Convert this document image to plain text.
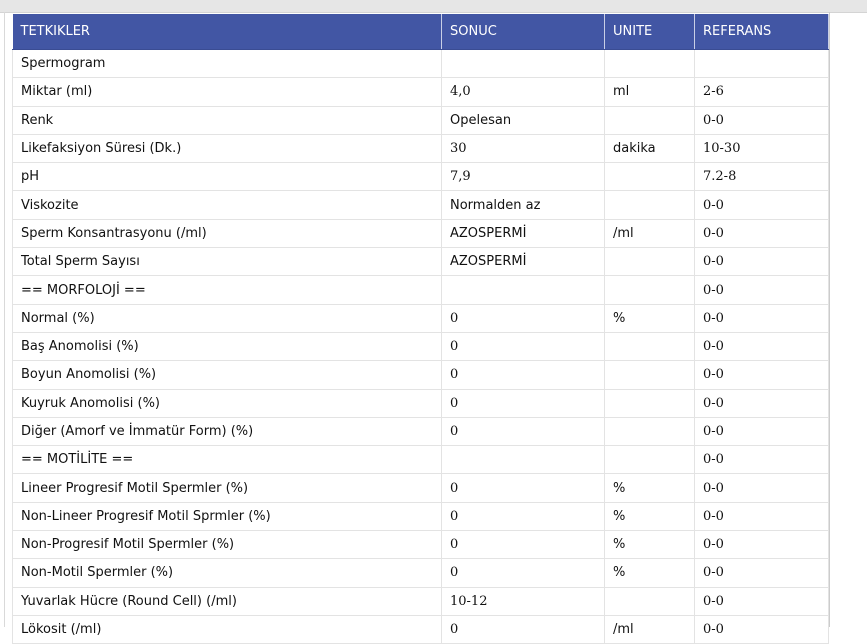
TETKIKLER	SONUC	UNITE	REFERANS
Spermogram			
Miktar (ml)	4,0	ml	2-6
Renk	Opelesan		0-0
Likefaksiyon Süresi (Dk.)	30	dakika	10-30
pH	7,9		7.2-8
Viskozite	Normalden az		0-0
Sperm Konsantrasyonu (/ml)	AZOSPERMİ	/ml	0-0
Total Sperm Sayısı	AZOSPERMİ		0-0
== MORFOLOJİ ==			0-0
Normal (%)	0	%	0-0
Baş Anomolisi (%)	0		0-0
Boyun Anomolisi (%)	0		0-0
Kuyruk Anomolisi (%)	0		0-0
Diğer (Amorf ve İmmatür Form) (%)	0		0-0
== MOTİLİTE ==			0-0
Lineer Progresif Motil Spermler (%)	0	%	0-0
Non-Lineer Progresif Motil Sprmler (%)	0	%	0-0
Non-Progresif Motil Spermler (%)	0	%	0-0
Non-Motil Spermler (%)	0	%	0-0
Yuvarlak Hücre (Round Cell) (/ml)	10-12		0-0
Lökosit (/ml)	0	/ml	0-0
